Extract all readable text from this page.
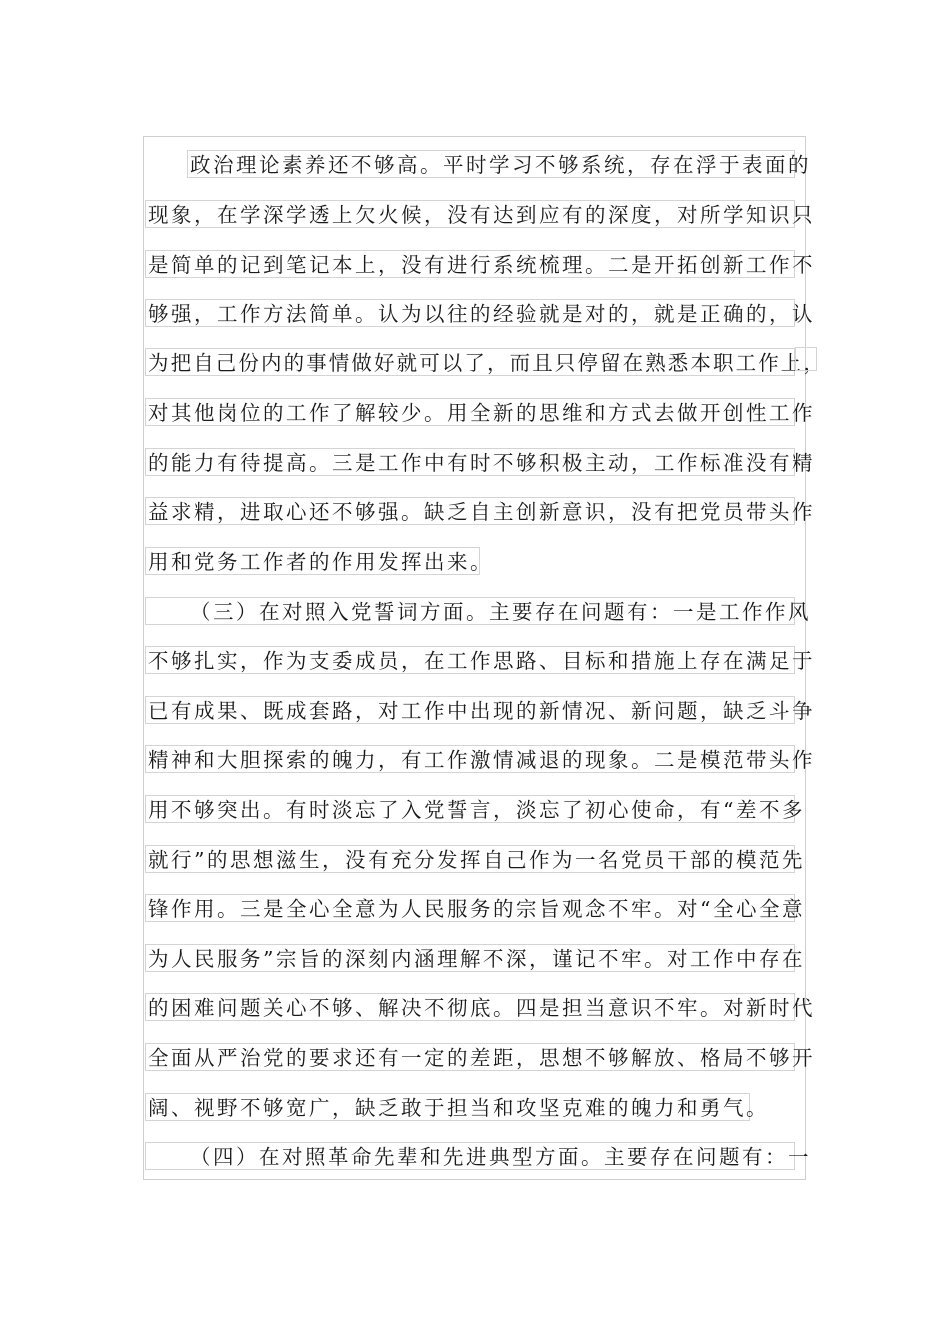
政治理论素养还不够高。平时学习不够系统，存在浮于表面的
现象，在学深学透上欠火候，没有达到应有的深度，对所学知识只
是简单的记到笔记本上，没有进行系统梳理。二是开拓创新工作不
够强，工作方法简单。认为以往的经验就是对的，就是正确的，认
为把自己份内的事情做好就可以了，而且只停留在熟悉本职工作上，
对其他岗位的工作了解较少。用全新的思维和方式去做开创性工作
的能力有待提高。三是工作中有时不够积极主动，工作标准没有精
益求精，进取心还不够强。缺乏自主创新意识，没有把党员带头作
用和党务工作者的作用发挥出来。
（三）在对照入党誓词方面。主要存在问题有：一是工作作风
不够扎实，作为支委成员，在工作思路、目标和措施上存在满足于
已有成果、既成套路，对工作中出现的新情况、新问题，缺乏斗争
精神和大胆探索的魄力，有工作激情减退的现象。二是模范带头作
用不够突出。有时淡忘了入党誓言，淡忘了初心使命，有“差不多
就行”的思想滋生，没有充分发挥自己作为一名党员干部的模范先
锋作用。三是全心全意为人民服务的宗旨观念不牢。对“全心全意
为人民服务”宗旨的深刻内涵理解不深，谨记不牢。对工作中存在
的困难问题关心不够、解决不彻底。四是担当意识不牢。对新时代
全面从严治党的要求还有一定的差距，思想不够解放、格局不够开
阔、视野不够宽广，缺乏敢于担当和攻坚克难的魄力和勇气。
（四）在对照革命先辈和先进典型方面。主要存在问题有：一
